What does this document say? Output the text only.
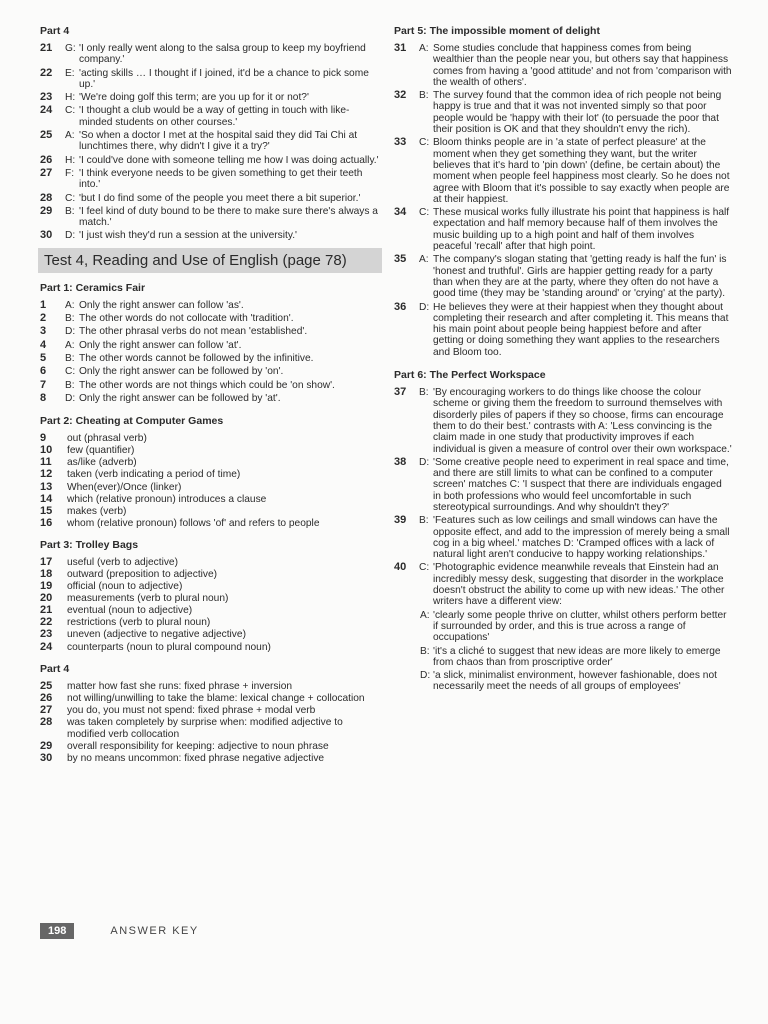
Part 4
21	G: 'I only really went along to the salsa group to keep my boyfriend company.'
22	E: 'acting skills … I thought if I joined, it'd be a chance to pick some up.'
23	H: 'We're doing golf this term; are you up for it or not?'
24	C: 'I thought a club would be a way of getting in touch with like-minded students on other courses.'
25	A: 'So when a doctor I met at the hospital said they did Tai Chi at lunchtimes there, why didn't I give it a try?'
26	H: 'I could've done with someone telling me how I was doing actually.'
27	F: 'I think everyone needs to be given something to get their teeth into.'
28	C: 'but I do find some of the people you meet there a bit superior.'
29	B: 'I feel kind of duty bound to be there to make sure there's always a match.'
30	D: 'I just wish they'd run a session at the university.'
Test 4, Reading and Use of English (page 78)
Part 1: Ceramics Fair
1	A: Only the right answer can follow 'as'.
2	B: The other words do not collocate with 'tradition'.
3	D: The other phrasal verbs do not mean 'established'.
4	A: Only the right answer can follow 'at'.
5	B: The other words cannot be followed by the infinitive.
6	C: Only the right answer can be followed by 'on'.
7	B: The other words are not things which could be 'on show'.
8	D: Only the right answer can be followed by 'at'.
Part 2: Cheating at Computer Games
9	out (phrasal verb)
10	few (quantifier)
11	as/like (adverb)
12	taken (verb indicating a period of time)
13	When(ever)/Once (linker)
14	which (relative pronoun) introduces a clause
15	makes (verb)
16	whom (relative pronoun) follows 'of' and refers to people
Part 3: Trolley Bags
17	useful (verb to adjective)
18	outward (preposition to adjective)
19	official (noun to adjective)
20	measurements (verb to plural noun)
21	eventual (noun to adjective)
22	restrictions (verb to plural noun)
23	uneven (adjective to negative adjective)
24	counterparts (noun to plural compound noun)
Part 4
25	matter how fast she runs: fixed phrase + inversion
26	not willing/unwilling to take the blame: lexical change + collocation
27	you do, you must not spend: fixed phrase + modal verb
28	was taken completely by surprise when: modified adjective to modified verb collocation
29	overall responsibility for keeping: adjective to noun phrase
30	by no means uncommon: fixed phrase negative adjective
Part 5: The impossible moment of delight
31	A: Some studies conclude that happiness comes from being wealthier than the people near you, but others say that happiness comes from having a 'good attitude' and not from 'comparison with the wealth of others'.
32	B: The survey found that the common idea of rich people not being happy is true and that it was not invented simply so that poor people would be 'happy with their lot' (to persuade the poor that their position is OK and that they shouldn't envy the rich).
33	C: Bloom thinks people are in 'a state of perfect pleasure' at the moment when they get something they want, but the writer believes that it's hard to 'pin down' (define, be certain about) the moment when people feel happiness most clearly. So he does not agree with Bloom that it's possible to say exactly when people are at their happiest.
34	C: These musical works fully illustrate his point that happiness is half expectation and half memory because half of them involves the music building up to a high point and half of them involves peaceful 'recall' after that high point.
35	A: The company's slogan stating that 'getting ready is half the fun' is 'honest and truthful'. Girls are happier getting ready for a party than when they are at the party, where they often do not have a good time (they may be 'standing around' or 'crying' at the party).
36	D: He believes they were at their happiest when they thought about completing their research and after completing it. This means that his main point about people being happiest before and after getting or doing something they want applies to the researchers and Bloom too.
Part 6: The Perfect Workspace
37	B: 'By encouraging workers to do things like choose the colour scheme or giving them the freedom to surround themselves with disorderly piles of papers if they so choose, firms can encourage them to do their best.' contrasts with A: 'Less convincing is the claim made in one study that productivity improves if each individual is given a measure of control over their own workspace.'
38	D: 'Some creative people need to experiment in real space and time, and there are still limits to what can be confined to a computer screen' matches C: 'I suspect that there are individuals engaged in both professions who would feel uncomfortable in such stereotypical surroundings. And why shouldn't they?'
39	B: 'Features such as low ceilings and small windows can have the opposite effect, and add to the impression of merely being a small cog in a big wheel.' matches D: 'Cramped offices with a lack of natural light aren't conducive to happy working relationships.'
40	C: 'Photographic evidence meanwhile reveals that Einstein had an incredibly messy desk, suggesting that disorder in the workplace doesn't obstruct the ability to come up with new ideas.' The other writers have a different view:
A: 'clearly some people thrive on clutter, whilst others perform better if surrounded by order, and this is true across a range of occupations'
B: 'it's a cliché to suggest that new ideas are more likely to emerge from chaos than from proscriptive order'
D: 'a slick, minimalist environment, however fashionable, does not necessarily meet the needs of all groups of employees'
198	ANSWER KEY
